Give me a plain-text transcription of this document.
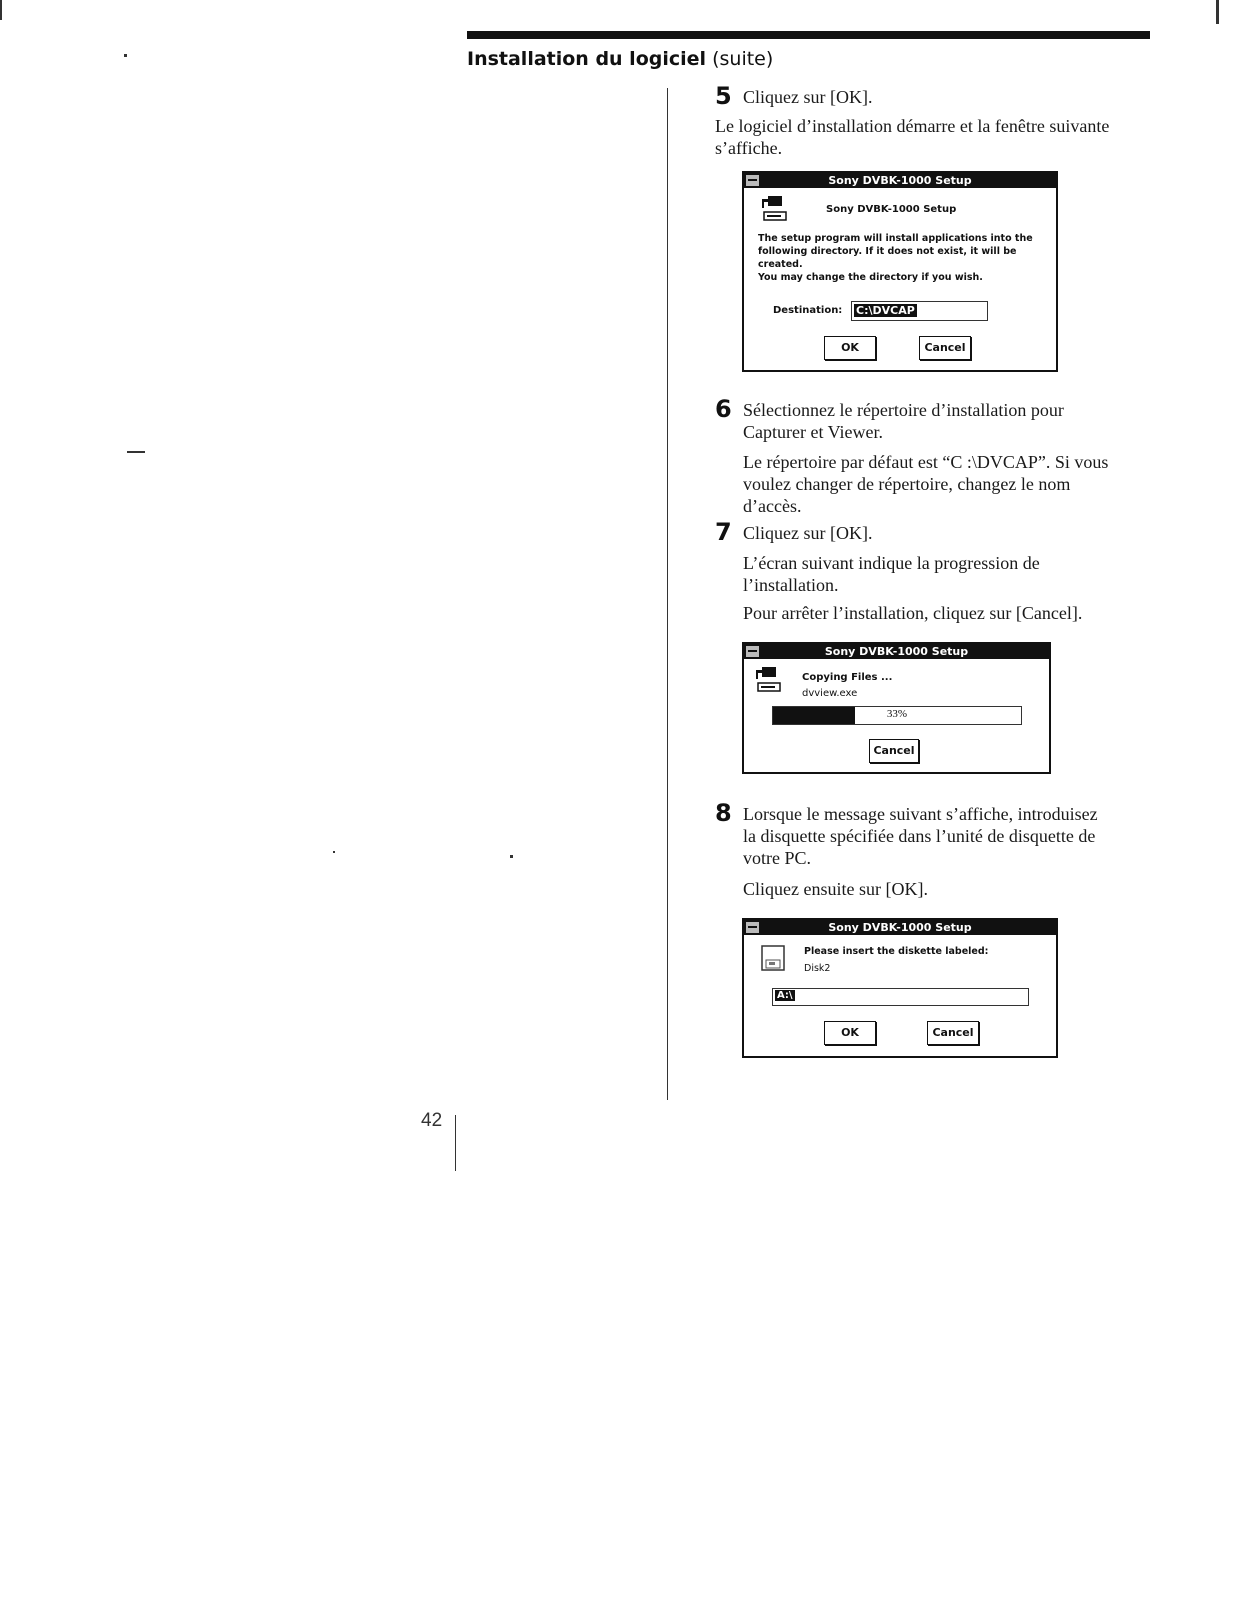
Installation du logiciel (suite)
5 Cliquez sur [OK].
Le logiciel d’installation démarre et la fenêtre suivante
s’affiche.
Sony DVBK-1000 Setup
Sony DVBK-1000 Setup
The setup program will install applications into the
following directory. If it does not exist, it will be
created.
You may change the directory if you wish.
Destination: C:\DVCAP
OK	Cancel
6 Sélectionnez le répertoire d’installation pour
Capturer et Viewer.
Le répertoire par défaut est “C :\DVCAP”. Si vous
voulez changer de répertoire, changez le nom
d’accès.
7 Cliquez sur [OK].
L’écran suivant indique la progression de
l’installation.
Pour arrêter l’installation, cliquez sur [Cancel].
Sony DVBK-1000 Setup
Copying Files ...
dvview.exe
33%
Cancel
8 Lorsque le message suivant s’affiche, introduisez
la disquette spécifiée dans l’unité de disquette de
votre PC.
Cliquez ensuite sur [OK].
Sony DVBK-1000 Setup
Please insert the diskette labeled:
Disk2
A:\
OK	Cancel
42
